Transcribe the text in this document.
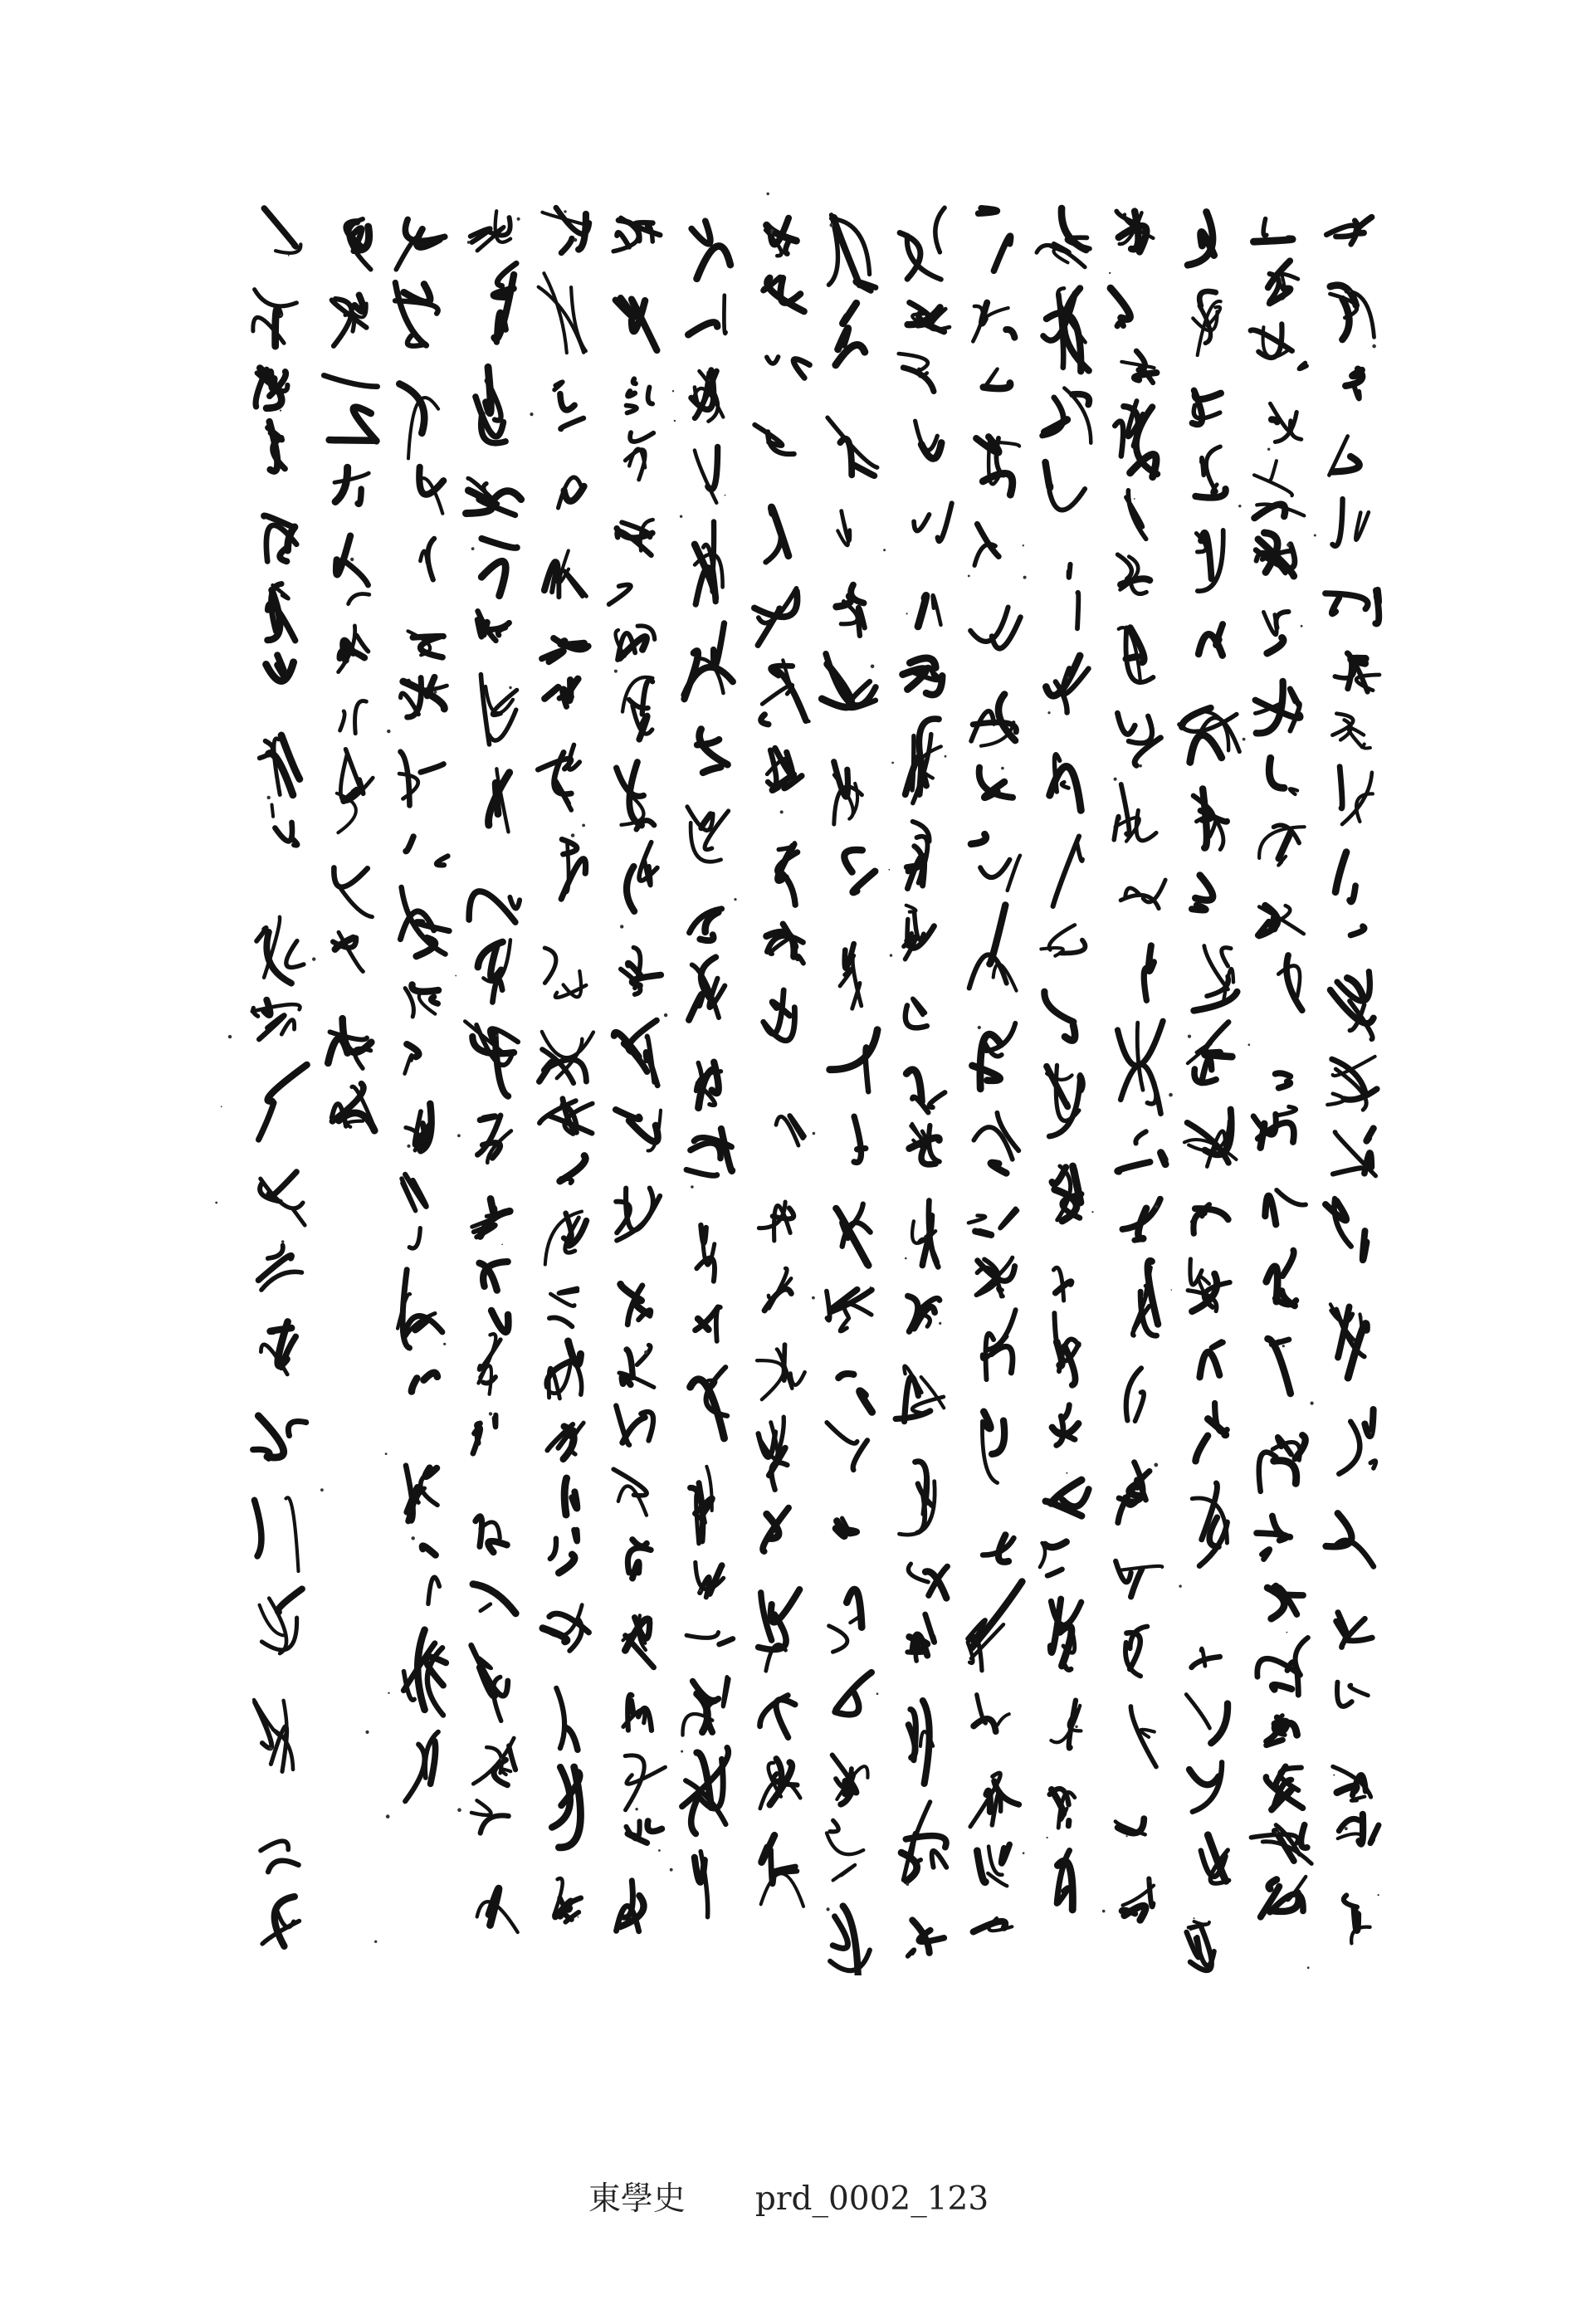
東學史 prd_0002_123
